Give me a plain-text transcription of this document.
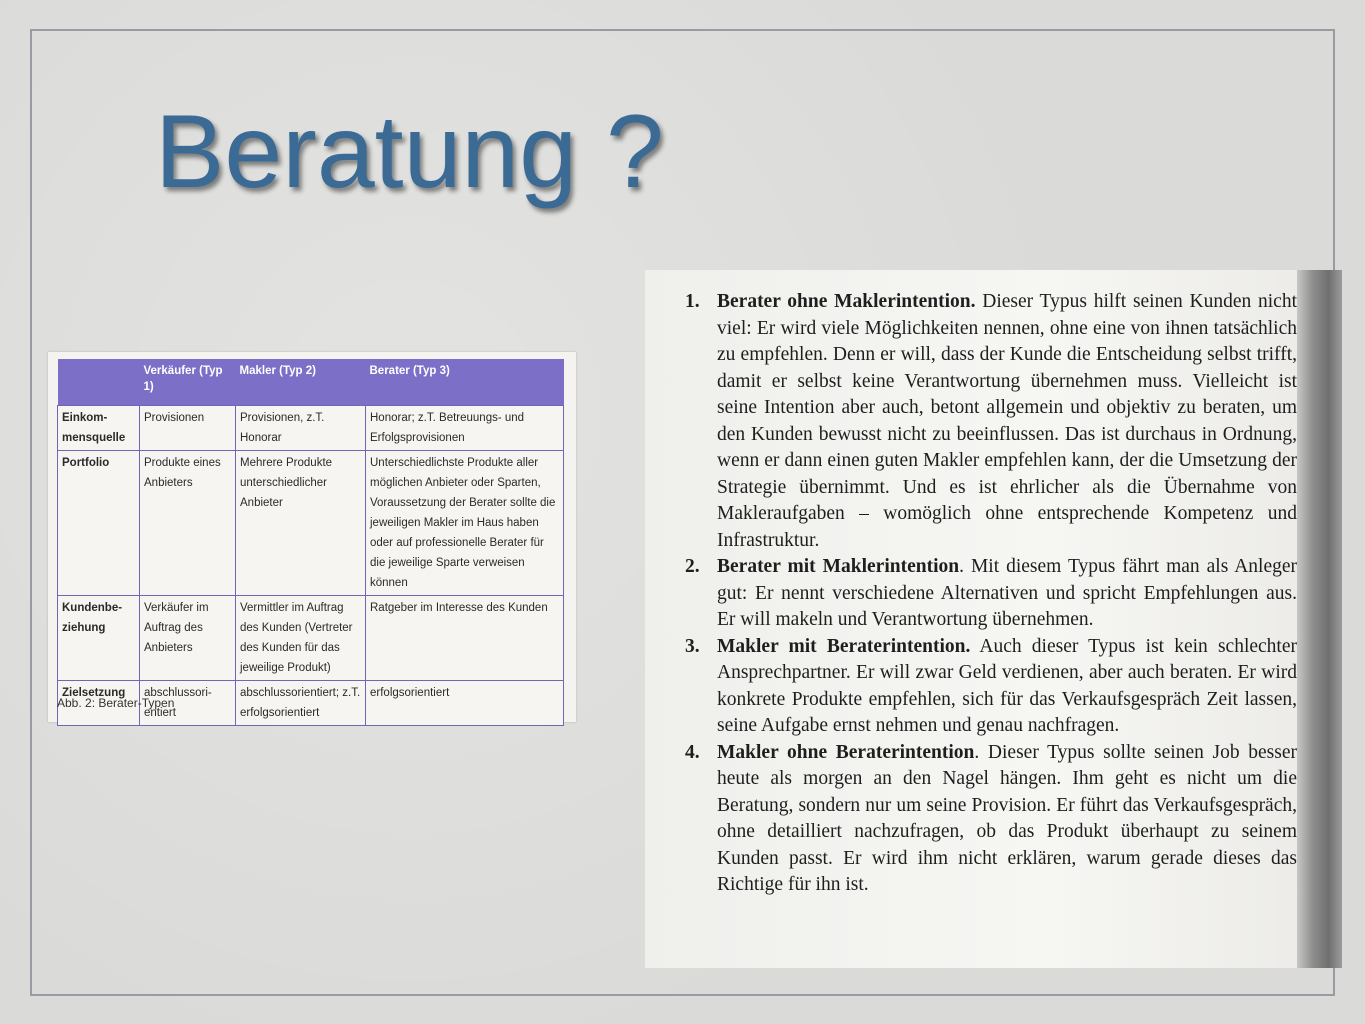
Beratung ?
	Verkäufer (Typ 1)	Makler (Typ 2)	Berater (Typ 3)
Einkommensquelle	Provisionen	Provisionen, z.T. Honorar	Honorar; z.T. Betreuungs- und Erfolgsprovisionen
Portfolio	Produkte eines Anbieters	Mehrere Produkte unterschiedlicher Anbieter	Unterschiedlichste Produkte aller möglichen Anbieter oder Sparten, Voraussetzung der Berater sollte die jeweiligen Makler im Haus haben oder auf professionelle Berater für die jeweilige Sparte verweisen können
Kundenbeziehung	Verkäufer im Auftrag des Anbieters	Vermittler im Auftrag des Kunden (Vertreter des Kunden für das jeweilige Produkt)	Ratgeber im Interesse des Kunden
Zielsetzung	abschlussorientiert	abschlussorientiert; z.T. erfolgsorientiert	erfolgsorientiert
Abb. 2: Berater-Typen
1. Berater ohne Maklerintention. Dieser Typus hilft seinen Kunden nicht viel: Er wird viele Möglichkeiten nennen, ohne eine von ihnen tatsächlich zu empfehlen. Denn er will, dass der Kunde die Entscheidung selbst trifft, damit er selbst keine Verantwortung übernehmen muss. Vielleicht ist seine Intention aber auch, betont allgemein und objektiv zu beraten, um den Kunden bewusst nicht zu beeinflussen. Das ist durchaus in Ordnung, wenn er dann einen guten Makler empfehlen kann, der die Umsetzung der Strategie übernimmt. Und es ist ehrlicher als die Übernahme von Makleraufgaben – womöglich ohne entsprechende Kompetenz und Infrastruktur.
2. Berater mit Maklerintention. Mit diesem Typus fährt man als Anleger gut: Er nennt verschiedene Alternativen und spricht Empfehlungen aus. Er will makeln und Verantwortung übernehmen.
3. Makler mit Beraterintention. Auch dieser Typus ist kein schlechter Ansprechpartner. Er will zwar Geld verdienen, aber auch beraten. Er wird konkrete Produkte empfehlen, sich für das Verkaufsgespräch Zeit lassen, seine Aufgabe ernst nehmen und genau nachfragen.
4. Makler ohne Beraterintention. Dieser Typus sollte seinen Job besser heute als morgen an den Nagel hängen. Ihm geht es nicht um die Beratung, sondern nur um seine Provision. Er führt das Verkaufsgespräch, ohne detailliert nachzufragen, ob das Produkt überhaupt zu seinem Kunden passt. Er wird ihm nicht erklären, warum gerade dieses das Richtige für ihn ist.
